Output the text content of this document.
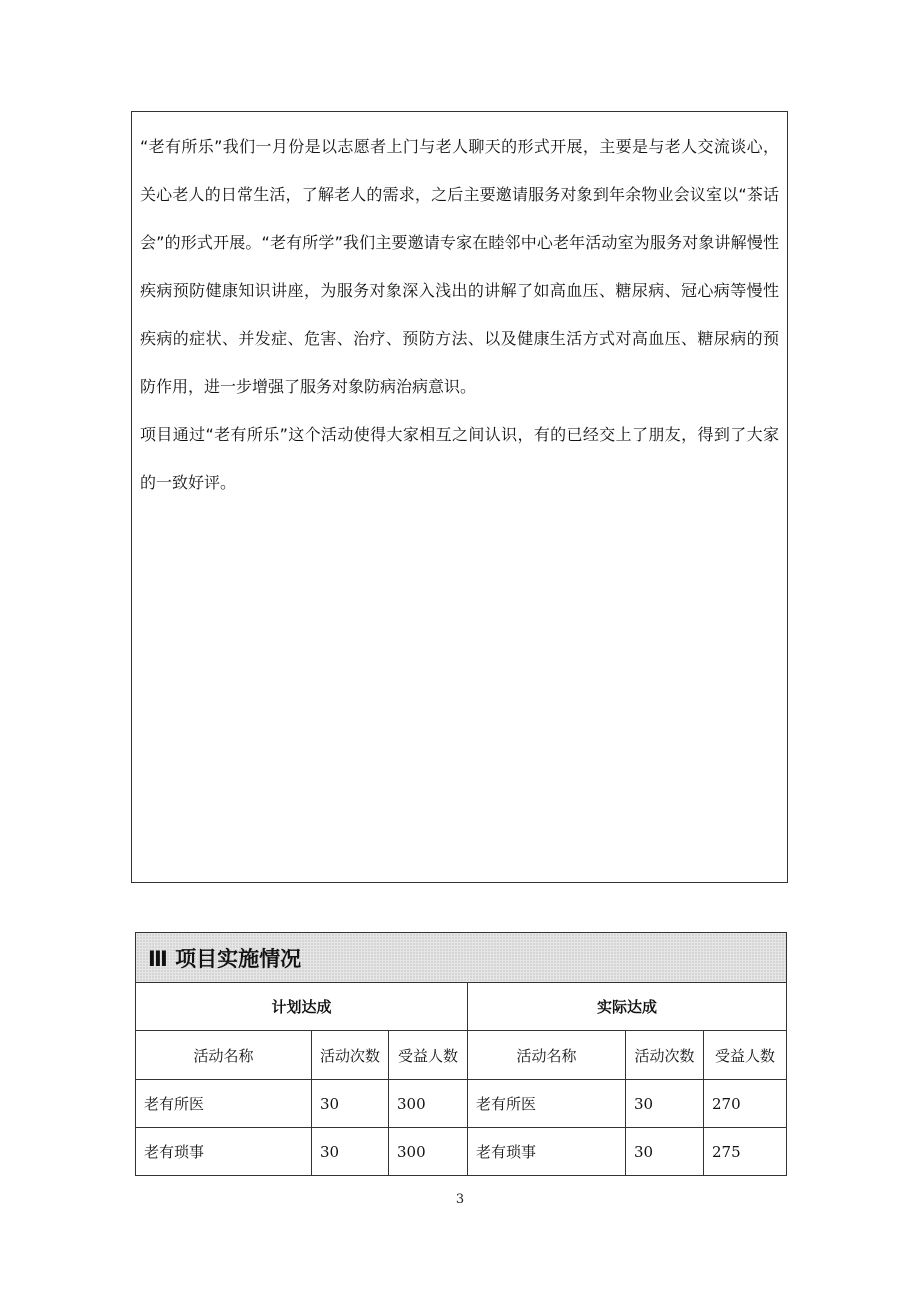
“老有所乐”我们一月份是以志愿者上门与老人聊天的形式开展，主要是与老人交流谈心，关心老人的日常生活，了解老人的需求，之后主要邀请服务对象到年余物业会议室以“茶话会”的形式开展。“老有所学”我们主要邀请专家在睦邻中心老年活动室为服务对象讲解慢性疾病预防健康知识讲座，为服务对象深入浅出的讲解了如高血压、糖尿病、冠心病等慢性疾病的症状、并发症、危害、治疗、预防方法、以及健康生活方式对高血压、糖尿病的预防作用，进一步增强了服务对象防病治病意识。

项目通过“老有所乐”这个活动使得大家相互之间认识，有的已经交上了朋友，得到了大家的一致好评。

Ⅲ 项目实施情况					
计划达成			实际达成		
活动名称	活动次数	受益人数	活动名称	活动次数	受益人数
老有所医	30	300	老有所医	30	270
老有琐事	30	300	老有琐事	30	275
3
